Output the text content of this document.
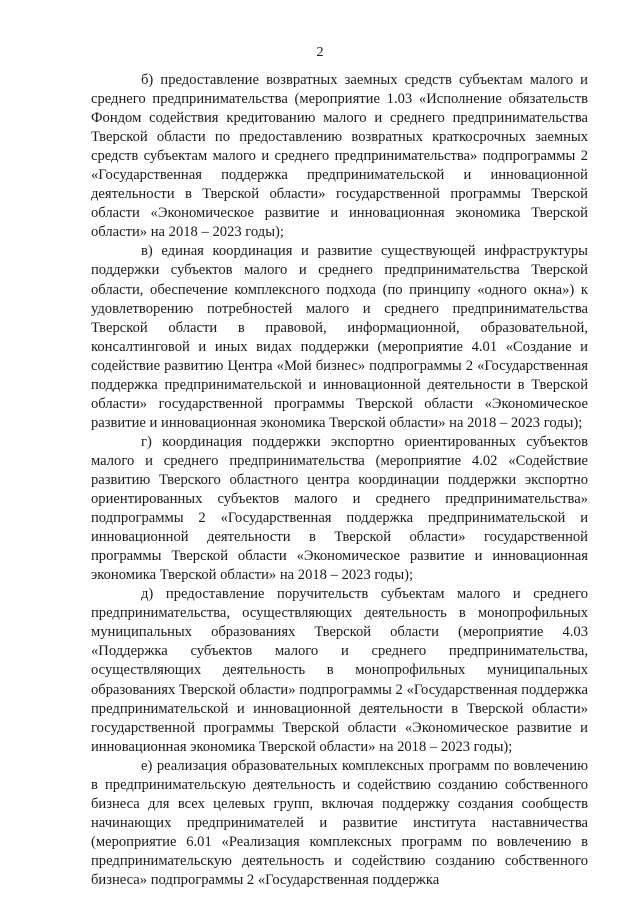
2

б) предоставление возвратных заемных средств субъектам малого и среднего предпринимательства (мероприятие 1.03 «Исполнение обязательств Фондом содействия кредитованию малого и среднего предпринимательства Тверской области по предоставлению возвратных краткосрочных заемных средств субъектам малого и среднего предпринимательства» подпрограммы 2 «Государственная поддержка предпринимательской и инновационной деятельности в Тверской области» государственной программы Тверской области «Экономическое развитие и инновационная экономика Тверской области» на 2018 – 2023 годы);

в) единая координация и развитие существующей инфраструктуры поддержки субъектов малого и среднего предпринимательства Тверской области, обеспечение комплексного подхода (по принципу «одного окна») к удовлетворению потребностей малого и среднего предпринимательства Тверской области в правовой, информационной, образовательной, консалтинговой и иных видах поддержки (мероприятие 4.01 «Создание и содействие развитию Центра «Мой бизнес» подпрограммы 2 «Государственная поддержка предпринимательской и инновационной деятельности в Тверской области» государственной программы Тверской области «Экономическое развитие и инновационная экономика Тверской области» на 2018 – 2023 годы);

г) координация поддержки экспортно ориентированных субъектов малого и среднего предпринимательства (мероприятие 4.02 «Содействие развитию Тверского областного центра координации поддержки экспортно ориентированных субъектов малого и среднего предпринимательства» подпрограммы 2 «Государственная поддержка предпринимательской и инновационной деятельности в Тверской области» государственной программы Тверской области «Экономическое развитие и инновационная экономика Тверской области» на 2018 – 2023 годы);

д) предоставление поручительств субъектам малого и среднего предпринимательства, осуществляющих деятельность в монопрофильных муниципальных образованиях Тверской области (мероприятие 4.03 «Поддержка субъектов малого и среднего предпринимательства, осуществляющих деятельность в монопрофильных муниципальных образованиях Тверской области» подпрограммы 2 «Государственная поддержка предпринимательской и инновационной деятельности в Тверской области» государственной программы Тверской области «Экономическое развитие и инновационная экономика Тверской области» на 2018 – 2023 годы);

е) реализация образовательных комплексных программ по вовлечению в предпринимательскую деятельность и содействию созданию собственного бизнеса для всех целевых групп, включая поддержку создания сообществ начинающих предпринимателей и развитие института наставничества (мероприятие 6.01 «Реализация комплексных программ по вовлечению в предпринимательскую деятельность и содействию созданию собственного бизнеса» подпрограммы 2 «Государственная поддержка
